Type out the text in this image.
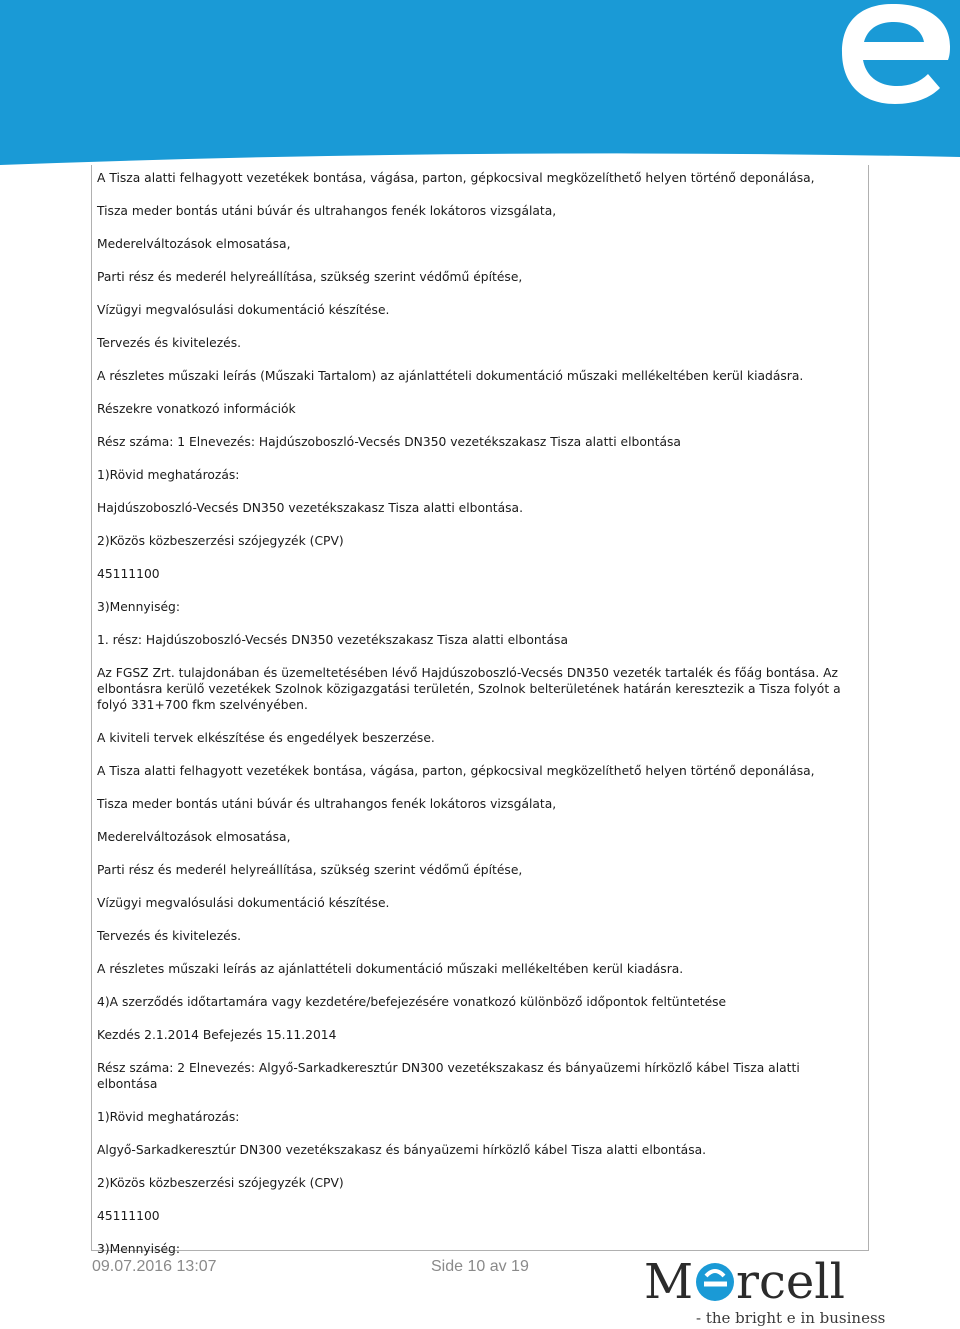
A Tisza alatti felhagyott vezetékek bontása, vágása, parton, gépkocsival megközelíthető helyen történő deponálása,

Tisza meder bontás utáni búvár és ultrahangos fenék lokátoros vizsgálata,

Mederelváltozások elmosatása,

Parti rész és mederél helyreállítása, szükség szerint védőmű építése,

Vízügyi megvalósulási dokumentáció készítése.

Tervezés és kivitelezés.

A részletes műszaki leírás (Műszaki Tartalom) az ajánlattételi dokumentáció műszaki mellékeltében kerül kiadásra.

Részekre vonatkozó információk

Rész száma: 1 Elnevezés: Hajdúszoboszló-Vecsés DN350 vezetékszakasz Tisza alatti elbontása

1)Rövid meghatározás:

Hajdúszoboszló-Vecsés DN350 vezetékszakasz Tisza alatti elbontása.

2)Közös közbeszerzési szójegyzék (CPV)

45111100

3)Mennyiség:

1. rész: Hajdúszoboszló-Vecsés DN350 vezetékszakasz Tisza alatti elbontása

Az FGSZ Zrt. tulajdonában és üzemeltetésében lévő Hajdúszoboszló-Vecsés DN350 vezeték tartalék és főág bontása. Az elbontásra kerülő vezetékek Szolnok közigazgatási területén, Szolnok belterületének határán keresztezik a Tisza folyót a folyó 331+700 fkm szelvényében.

A kiviteli tervek elkészítése és engedélyek beszerzése.

A Tisza alatti felhagyott vezetékek bontása, vágása, parton, gépkocsival megközelíthető helyen történő deponálása,

Tisza meder bontás utáni búvár és ultrahangos fenék lokátoros vizsgálata,

Mederelváltozások elmosatása,

Parti rész és mederél helyreállítása, szükség szerint védőmű építése,

Vízügyi megvalósulási dokumentáció készítése.

Tervezés és kivitelezés.

A részletes műszaki leírás az ajánlattételi dokumentáció műszaki mellékeltében kerül kiadásra.

4)A szerződés időtartamára vagy kezdetére/befejezésére vonatkozó különböző időpontok feltüntetése

Kezdés 2.1.2014 Befejezés 15.11.2014

Rész száma: 2 Elnevezés: Algyő-Sarkadkeresztúr DN300 vezetékszakasz és bányaüzemi hírközlő kábel Tisza alatti elbontása

1)Rövid meghatározás:

Algyő-Sarkadkeresztúr DN300 vezetékszakasz és bányaüzemi hírközlő kábel Tisza alatti elbontása.

2)Közös közbeszerzési szójegyzék (CPV)

45111100

3)Mennyiség:

09.07.2016 13:07	Side 10 av 19 M rcell
- the bright e in business
